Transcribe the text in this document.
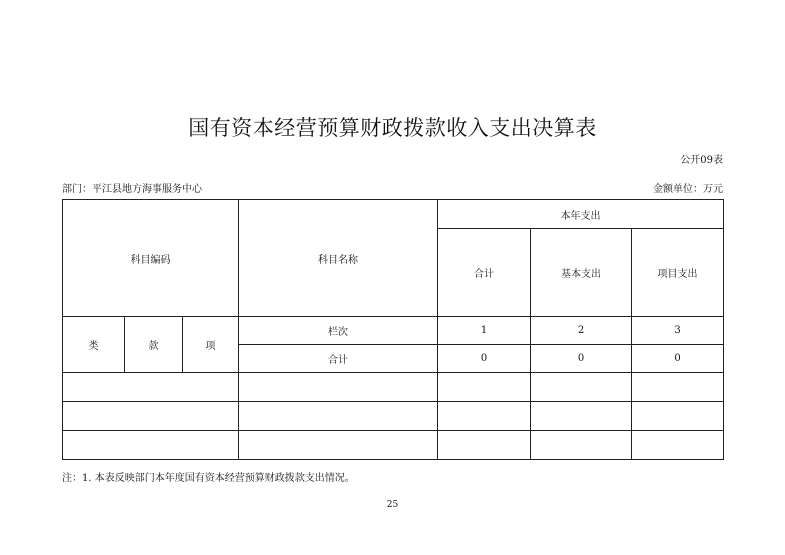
国有资本经营预算财政拨款收入支出决算表
公开09表
部门：平江县地方海事服务中心	金额单位：万元
科目编码			科目名称	本年支出		
				合计	基本支出	项目支出
类	款	项	栏次	1	2	3
			合计	0	0	0

注：1. 本表反映部门本年度国有资本经营预算财政拨款支出情况。
25
